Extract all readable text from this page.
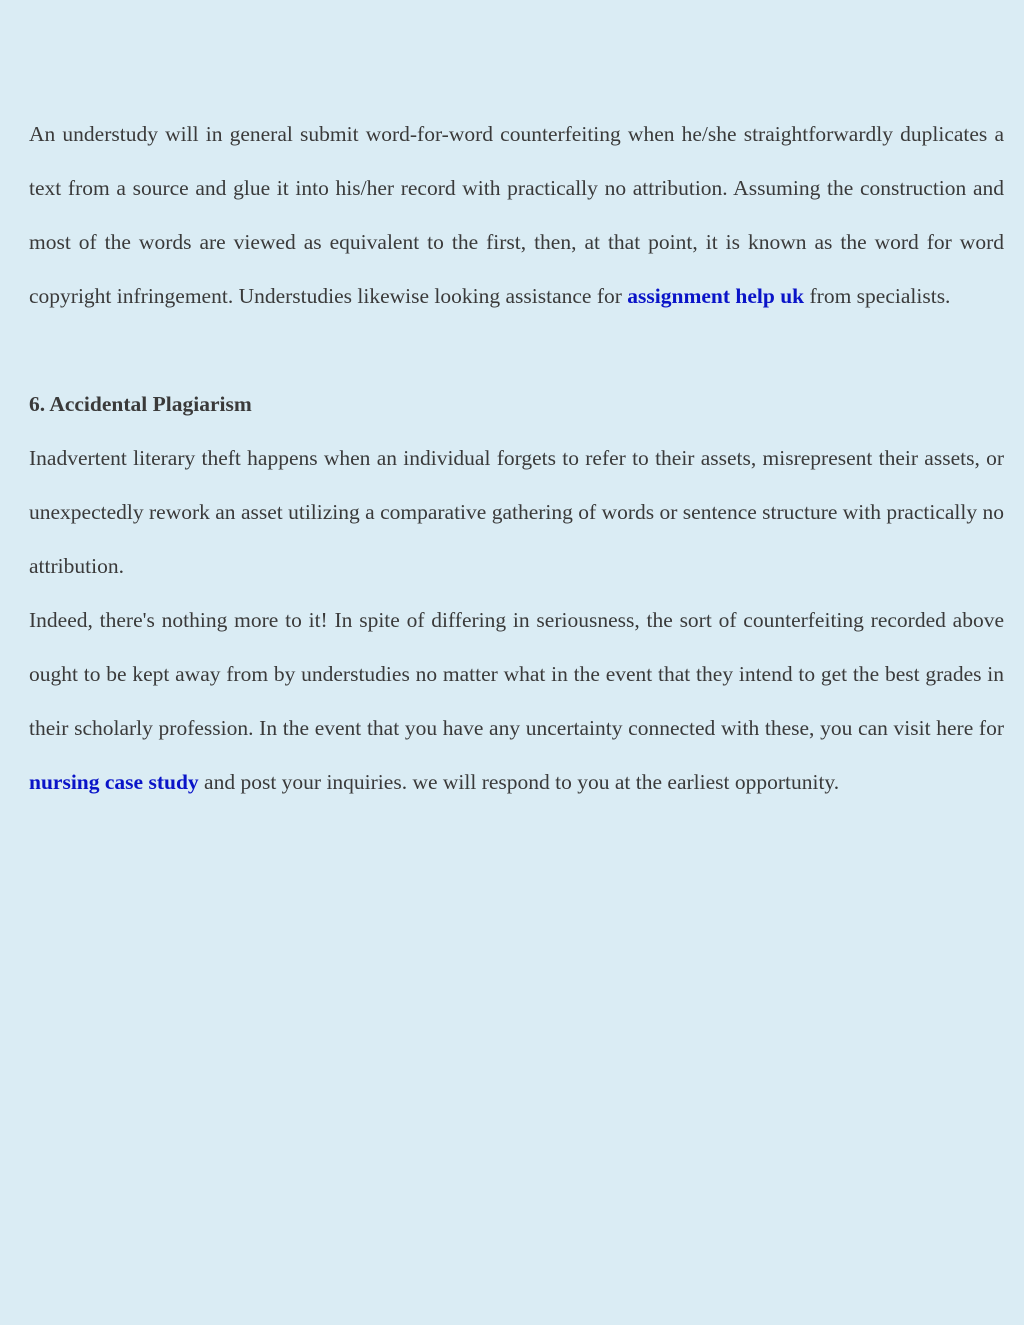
An understudy will in general submit word-for-word counterfeiting when he/she straightforwardly duplicates a text from a source and glue it into his/her record with practically no attribution. Assuming the construction and most of the words are viewed as equivalent to the first, then, at that point, it is known as the word for word copyright infringement. Understudies likewise looking assistance for assignment help uk from specialists.

6. Accidental Plagiarism

Inadvertent literary theft happens when an individual forgets to refer to their assets, misrepresent their assets, or unexpectedly rework an asset utilizing a comparative gathering of words or sentence structure with practically no attribution.

Indeed, there's nothing more to it! In spite of differing in seriousness, the sort of counterfeiting recorded above ought to be kept away from by understudies no matter what in the event that they intend to get the best grades in their scholarly profession. In the event that you have any uncertainty connected with these, you can visit here for nursing case study and post your inquiries. we will respond to you at the earliest opportunity.
